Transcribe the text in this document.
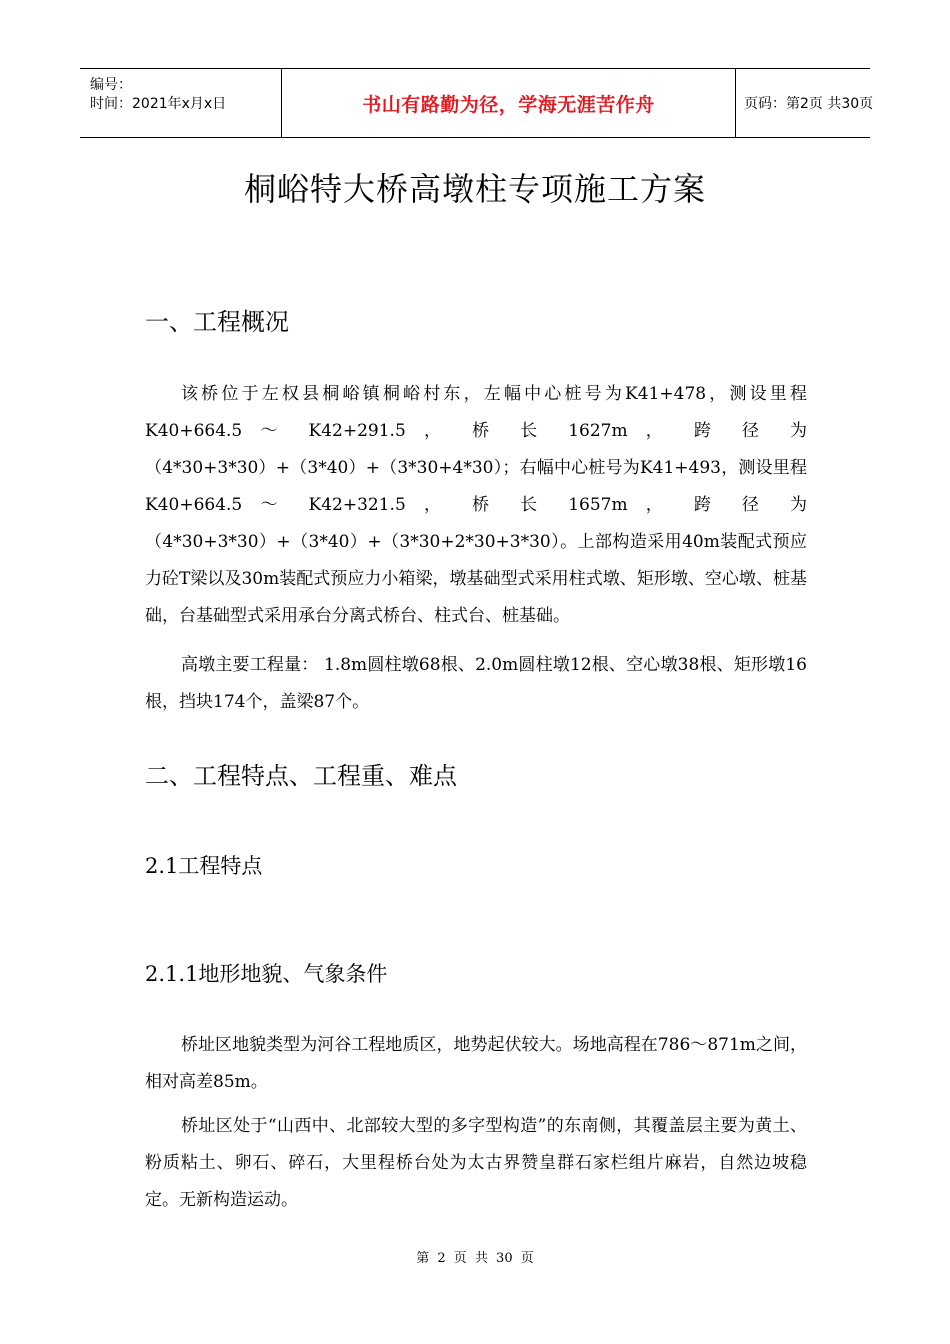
编号：
时间：2021年x月x日	书山有路勤为径，学海无涯苦作舟	页码：第2页 共30页
桐峪特大桥高墩柱专项施工方案
一、工程概况

该桥位于左权县桐峪镇桐峪村东，左幅中心桩号为K41+478，测设里程K40+664.5 ～ K42+291.5 ， 桥 长 1627m ， 跨 径 为（4*30+3*30）+（3*40）+（3*30+4*30）；右幅中心桩号为K41+493，测设里程 K40+664.5 ～ K42+321.5 ， 桥 长 1657m ， 跨 径 为（4*30+3*30）+（3*40）+（3*30+2*30+3*30）。上部构造采用40m装配式预应力砼T梁以及30m装配式预应力小箱梁，墩基础型式采用柱式墩、矩形墩、空心墩、桩基础，台基础型式采用承台分离式桥台、柱式台、桩基础。

高墩主要工程量： 1.8m圆柱墩68根、2.0m圆柱墩12根、空心墩38根、矩形墩16根，挡块174个，盖梁87个。

二、工程特点、工程重、难点
2.1工程特点
2.1.1地形地貌、气象条件

桥址区地貌类型为河谷工程地质区，地势起伏较大。场地高程在786～871m之间，相对高差85m。

桥址区处于“山西中、北部较大型的多字型构造”的东南侧，其覆盖层主要为黄土、粉质粘土、卵石、碎石，大里程桥台处为太古界赞皇群石家栏组片麻岩，自然边坡稳定。无新构造运动。

第 2 页 共 30 页
